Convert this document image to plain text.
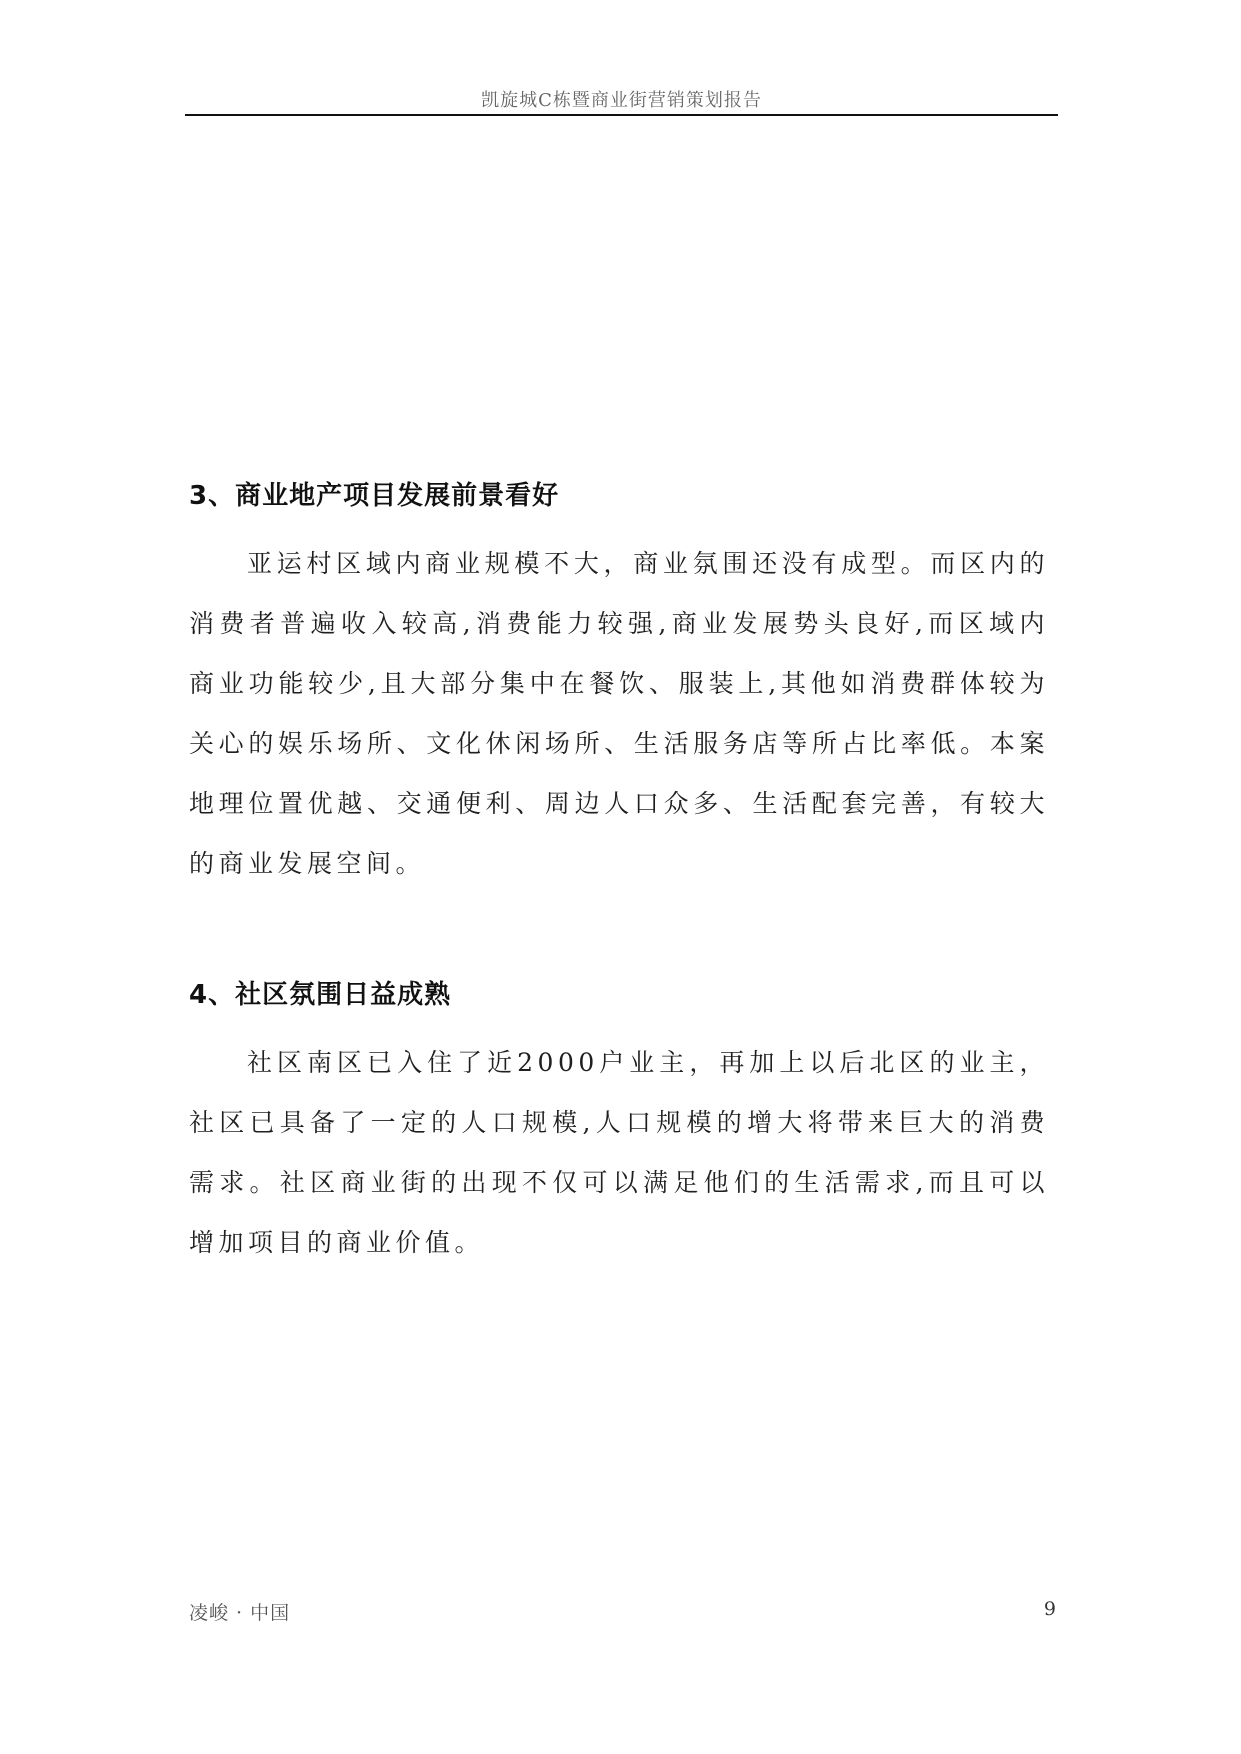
凯旋城C栋暨商业街营销策划报告
3、商业地产项目发展前景看好
亚运村区域内商业规模不大，商业氛围还没有成型。而区内的消费者普遍收入较高,消费能力较强,商业发展势头良好,而区域内商业功能较少,且大部分集中在餐饮、服装上,其他如消费群体较为关心的娱乐场所、文化休闲场所、生活服务店等所占比率低。本案地理位置优越、交通便利、周边人口众多、生活配套完善，有较大的商业发展空间。
4、社区氛围日益成熟
社区南区已入住了近2000户业主，再加上以后北区的业主，社区已具备了一定的人口规模,人口规模的增大将带来巨大的消费需求。社区商业街的出现不仅可以满足他们的生活需求,而且可以增加项目的商业价值。
凌峻 · 中国	9
